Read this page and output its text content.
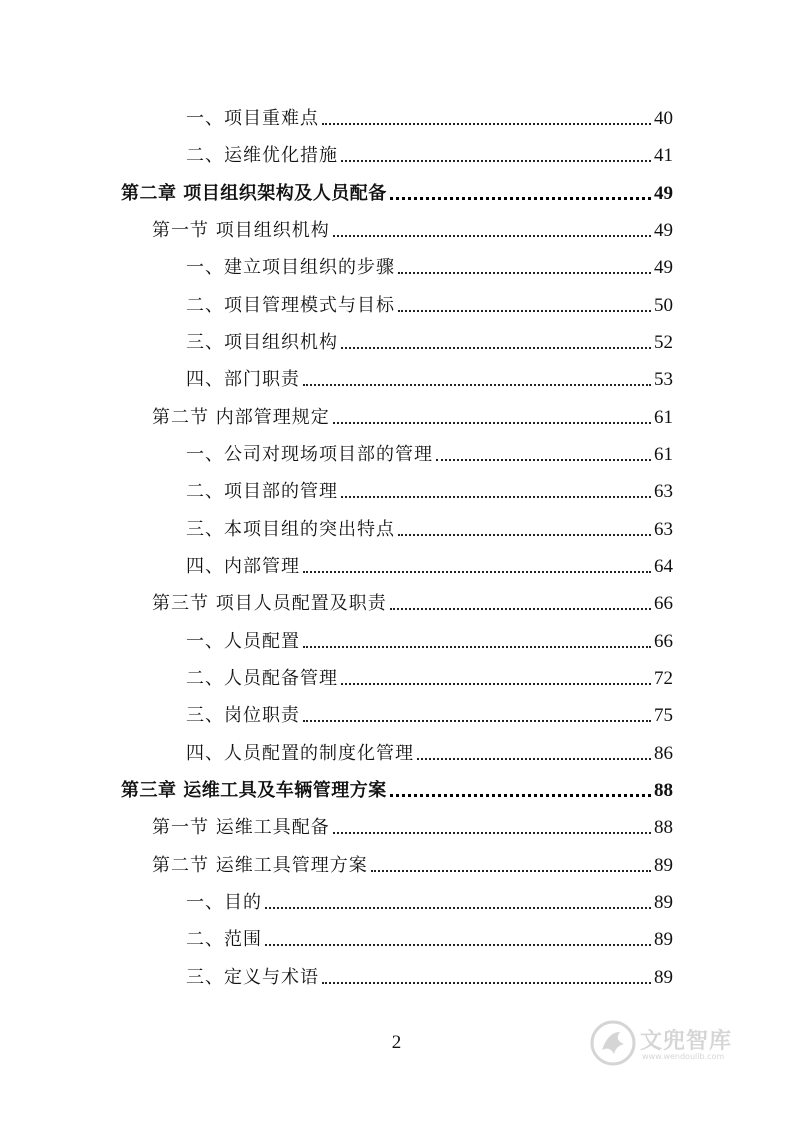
一、项目重难点	40
二、运维优化措施	41
第二章 项目组织架构及人员配备	49
第一节 项目组织机构	49
一、建立项目组织的步骤	49
二、项目管理模式与目标	50
三、项目组织机构	52
四、部门职责	53
第二节 内部管理规定	61
一、公司对现场项目部的管理	61
二、项目部的管理	63
三、本项目组的突出特点	63
四、内部管理	64
第三节 项目人员配置及职责	66
一、人员配置	66
二、人员配备管理	72
三、岗位职责	75
四、人员配置的制度化管理	86
第三章 运维工具及车辆管理方案	88
第一节 运维工具配备	88
第二节 运维工具管理方案	89
一、目的	89
二、范围	89
三、定义与术语	89
2	文兜智库
www.wendoulib.com
